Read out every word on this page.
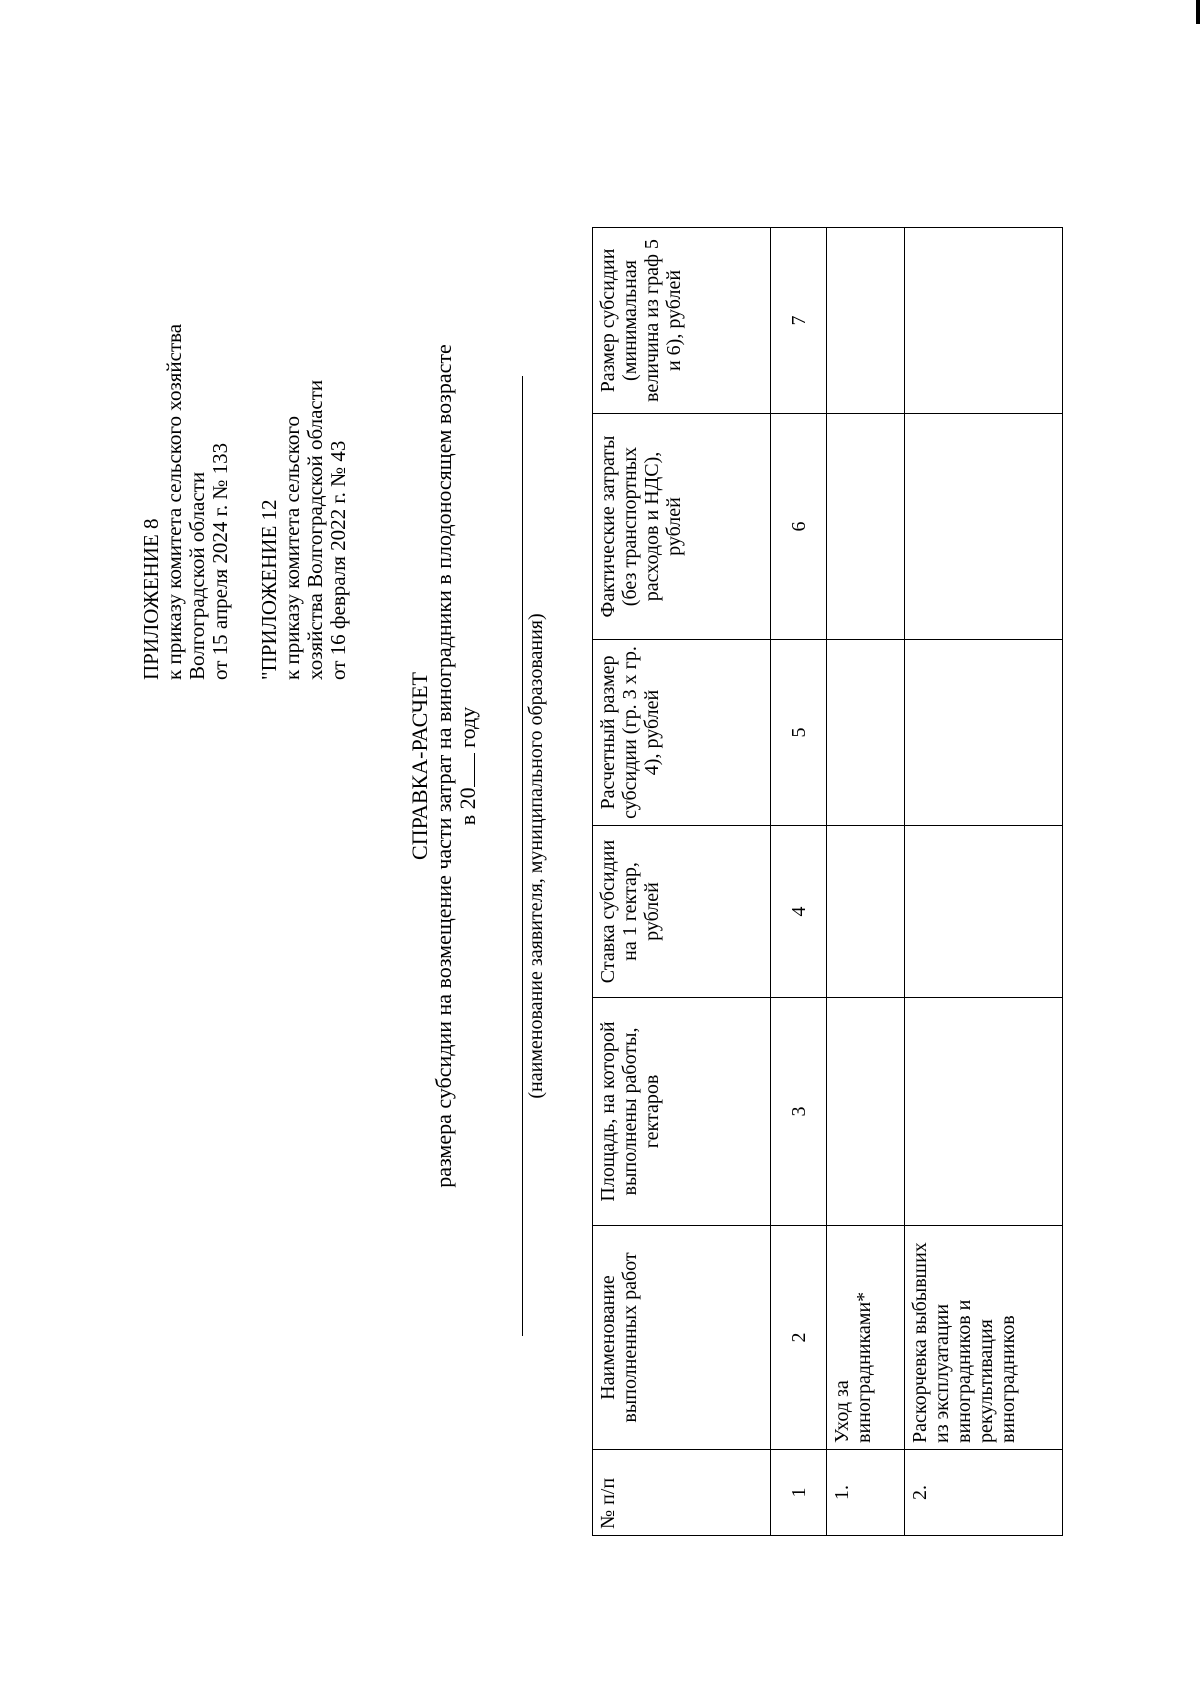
ПРИЛОЖЕНИЕ 8 к приказу комитета сельского хозяйства Волгоградской области от 15 апреля 2024 г. № 133 "ПРИЛОЖЕНИЕ 12 к приказу комитета сельского хозяйства Волгоградской области от 16 февраля 2022 г. № 43
СПРАВКА-РАСЧЕТ размера субсидии на возмещение части затрат на виноградники в плодоносящем возрасте в 20 году (наименование заявителя, муниципального образования)
№ п/п	Наименование выполненных работ	Площадь, на которой выполнены работы, гектаров	Ставка субсидии на 1 гектар, рублей	Расчетный размер субсидии (гр. 3 x гр. 4), рублей	Фактические затраты (без транспортных расходов и НДС), рублей	Размер субсидии (минимальная величина из граф 5 и 6), рублей
1	2	3	4	5	6	7
1.	Уход за виноградниками*					
2.	Раскорчевка выбывших из эксплуатации виноградников и рекультивация виноградников					
